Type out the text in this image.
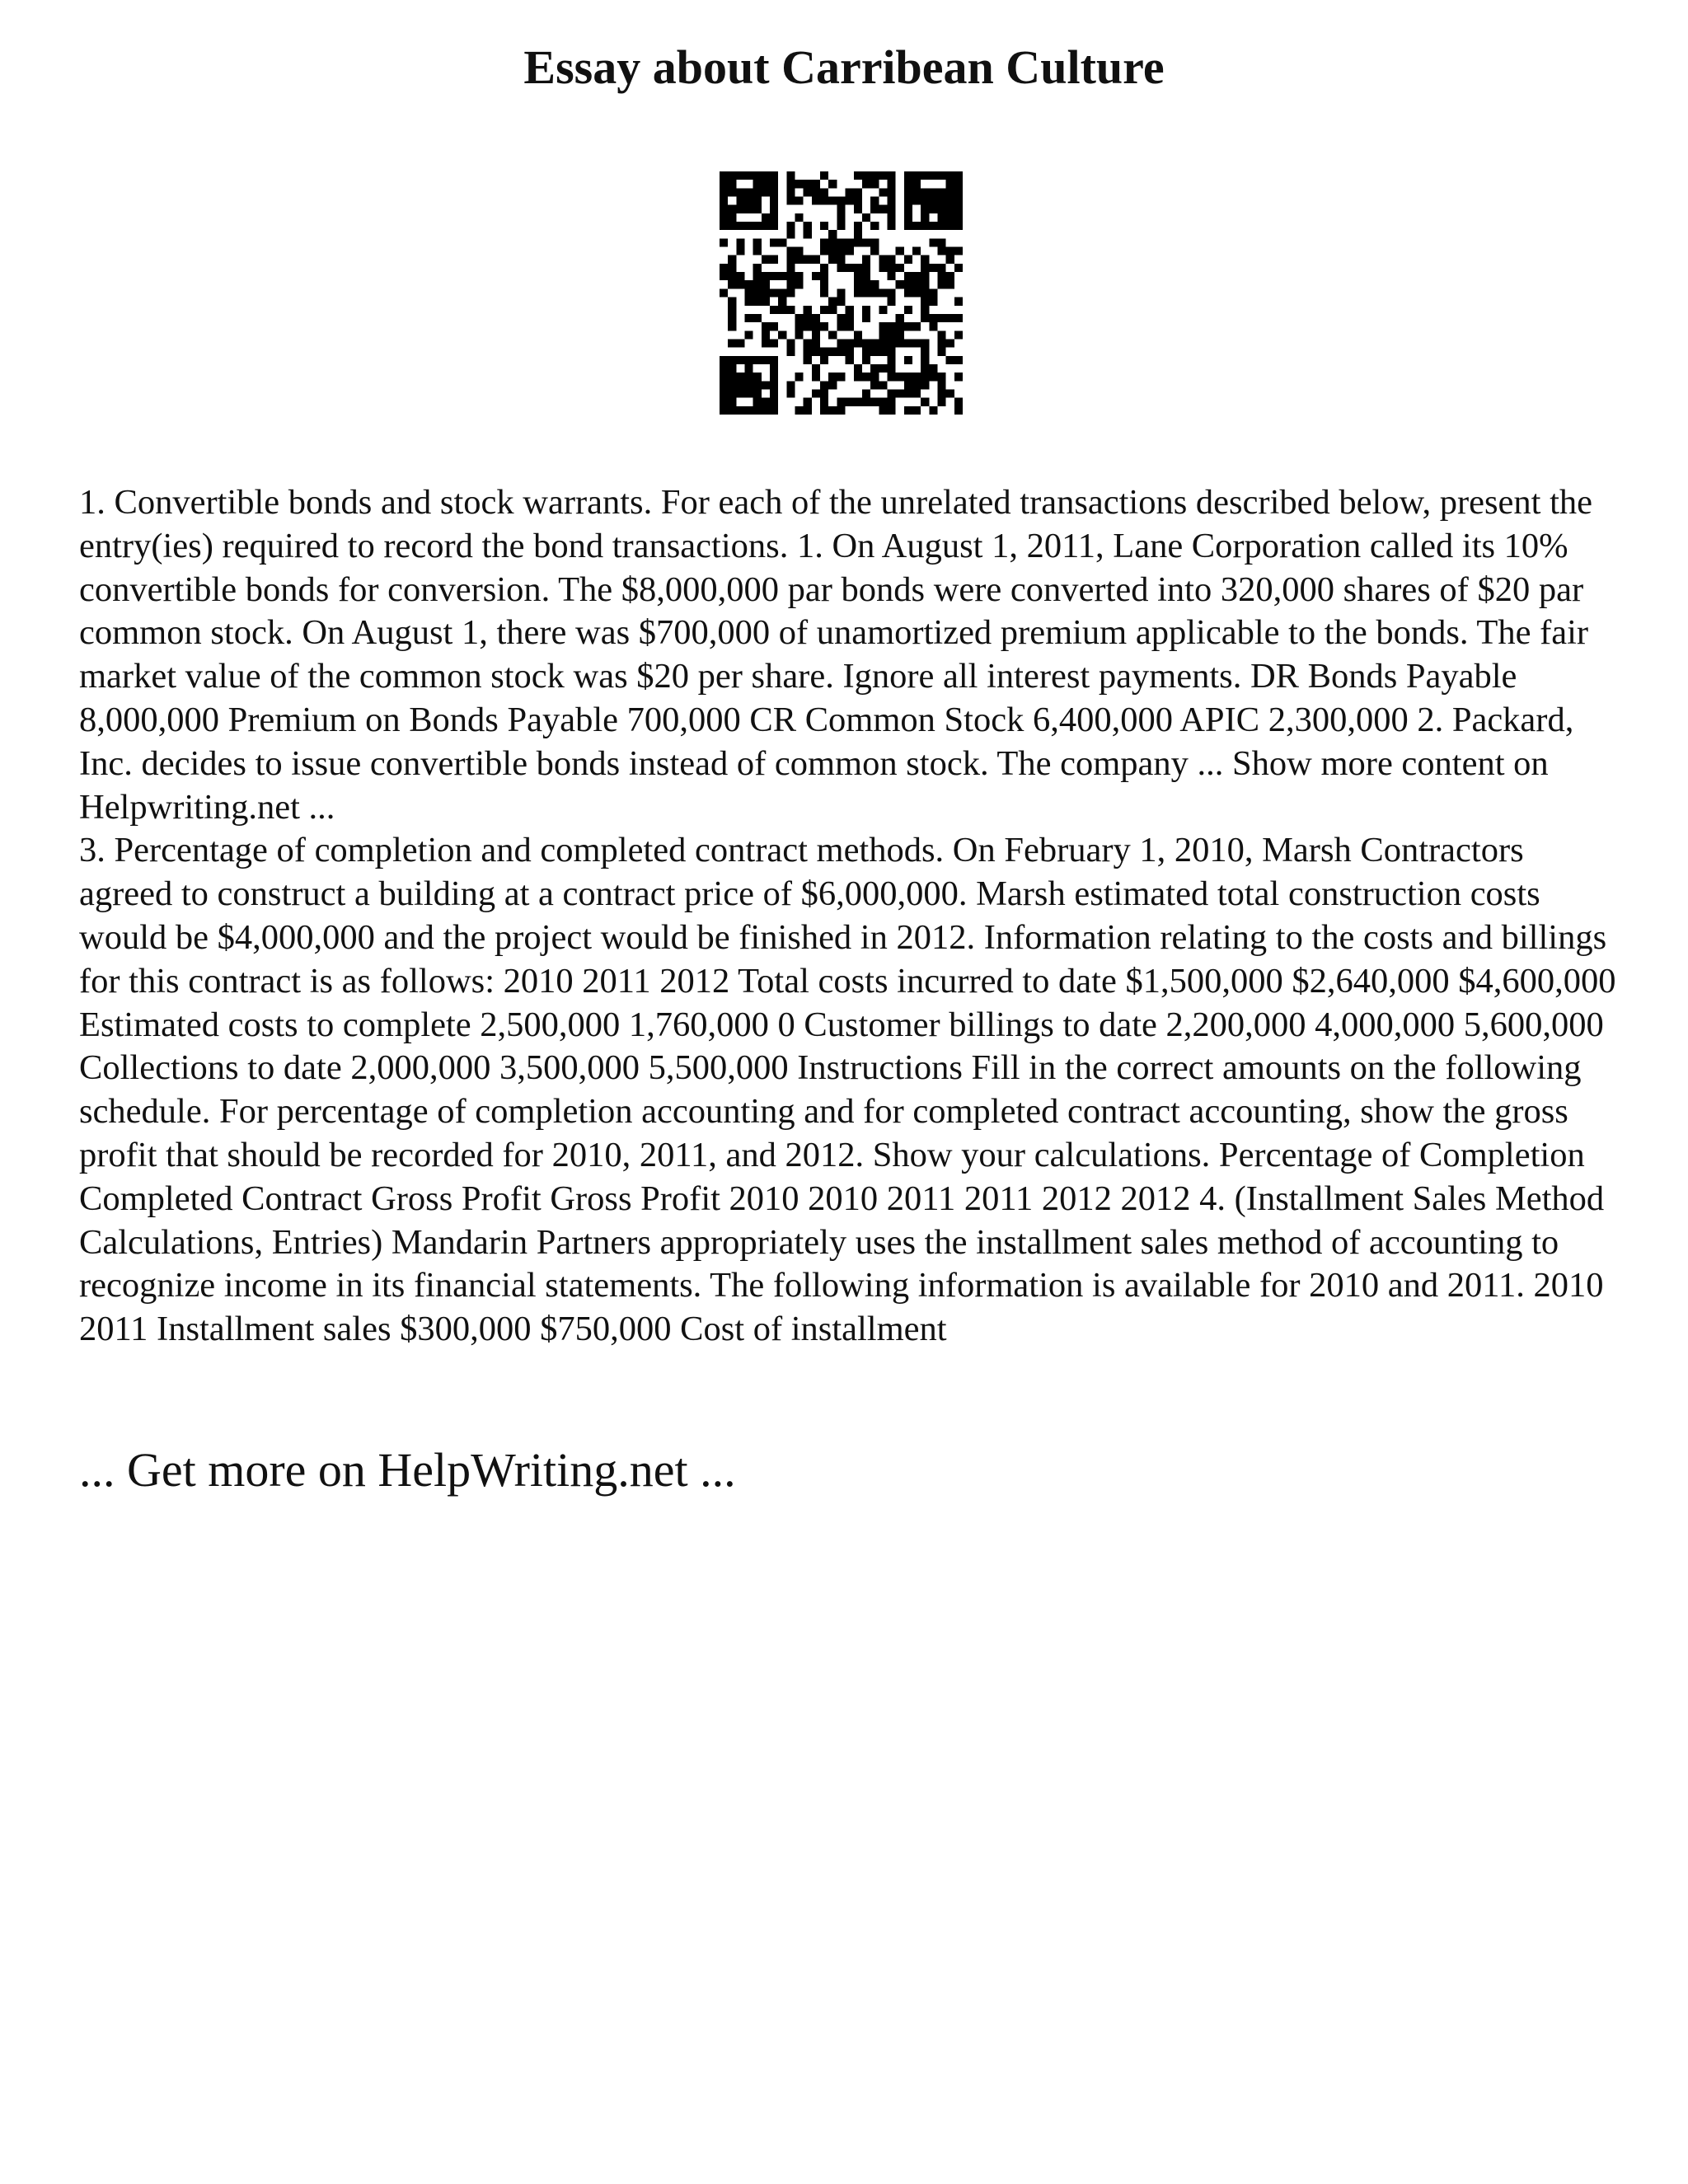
Essay about Carribean Culture

1. Convertible bonds and stock warrants. For each of the unrelated transactions described below, present the entry(ies) required to record the bond transactions. 1. On August 1, 2011, Lane Corporation called its 10% convertible bonds for conversion. The $8,000,000 par bonds were converted into 320,000 shares of $20 par common stock. On August 1, there was $700,000 of unamortized premium applicable to the bonds. The fair market value of the common stock was $20 per share. Ignore all interest payments. DR Bonds Payable 8,000,000 Premium on Bonds Payable 700,000 CR Common Stock 6,400,000 APIC 2,300,000 2. Packard, Inc. decides to issue convertible bonds instead of common stock. The company ... Show more content on Helpwriting.net ...

3. Percentage of completion and completed contract methods. On February 1, 2010, Marsh Contractors agreed to construct a building at a contract price of $6,000,000. Marsh estimated total construction costs would be $4,000,000 and the project would be finished in 2012. Information relating to the costs and billings for this contract is as follows: 2010 2011 2012 Total costs incurred to date $1,500,000 $2,640,000 $4,600,000 Estimated costs to complete 2,500,000 1,760,000 0 Customer billings to date 2,200,000 4,000,000 5,600,000 Collections to date 2,000,000 3,500,000 5,500,000 Instructions Fill in the correct amounts on the following schedule. For percentage of completion accounting and for completed contract accounting, show the gross profit that should be recorded for 2010, 2011, and 2012. Show your calculations. Percentage of Completion Completed Contract Gross Profit Gross Profit 2010 2010 2011 2011 2012 2012 4. (Installment Sales Method Calculations, Entries) Mandarin Partners appropriately uses the installment sales method of accounting to recognize income in its financial statements. The following information is available for 2010 and 2011. 2010 2011 Installment sales $300,000 $750,000 Cost of installment

... Get more on HelpWriting.net ...
